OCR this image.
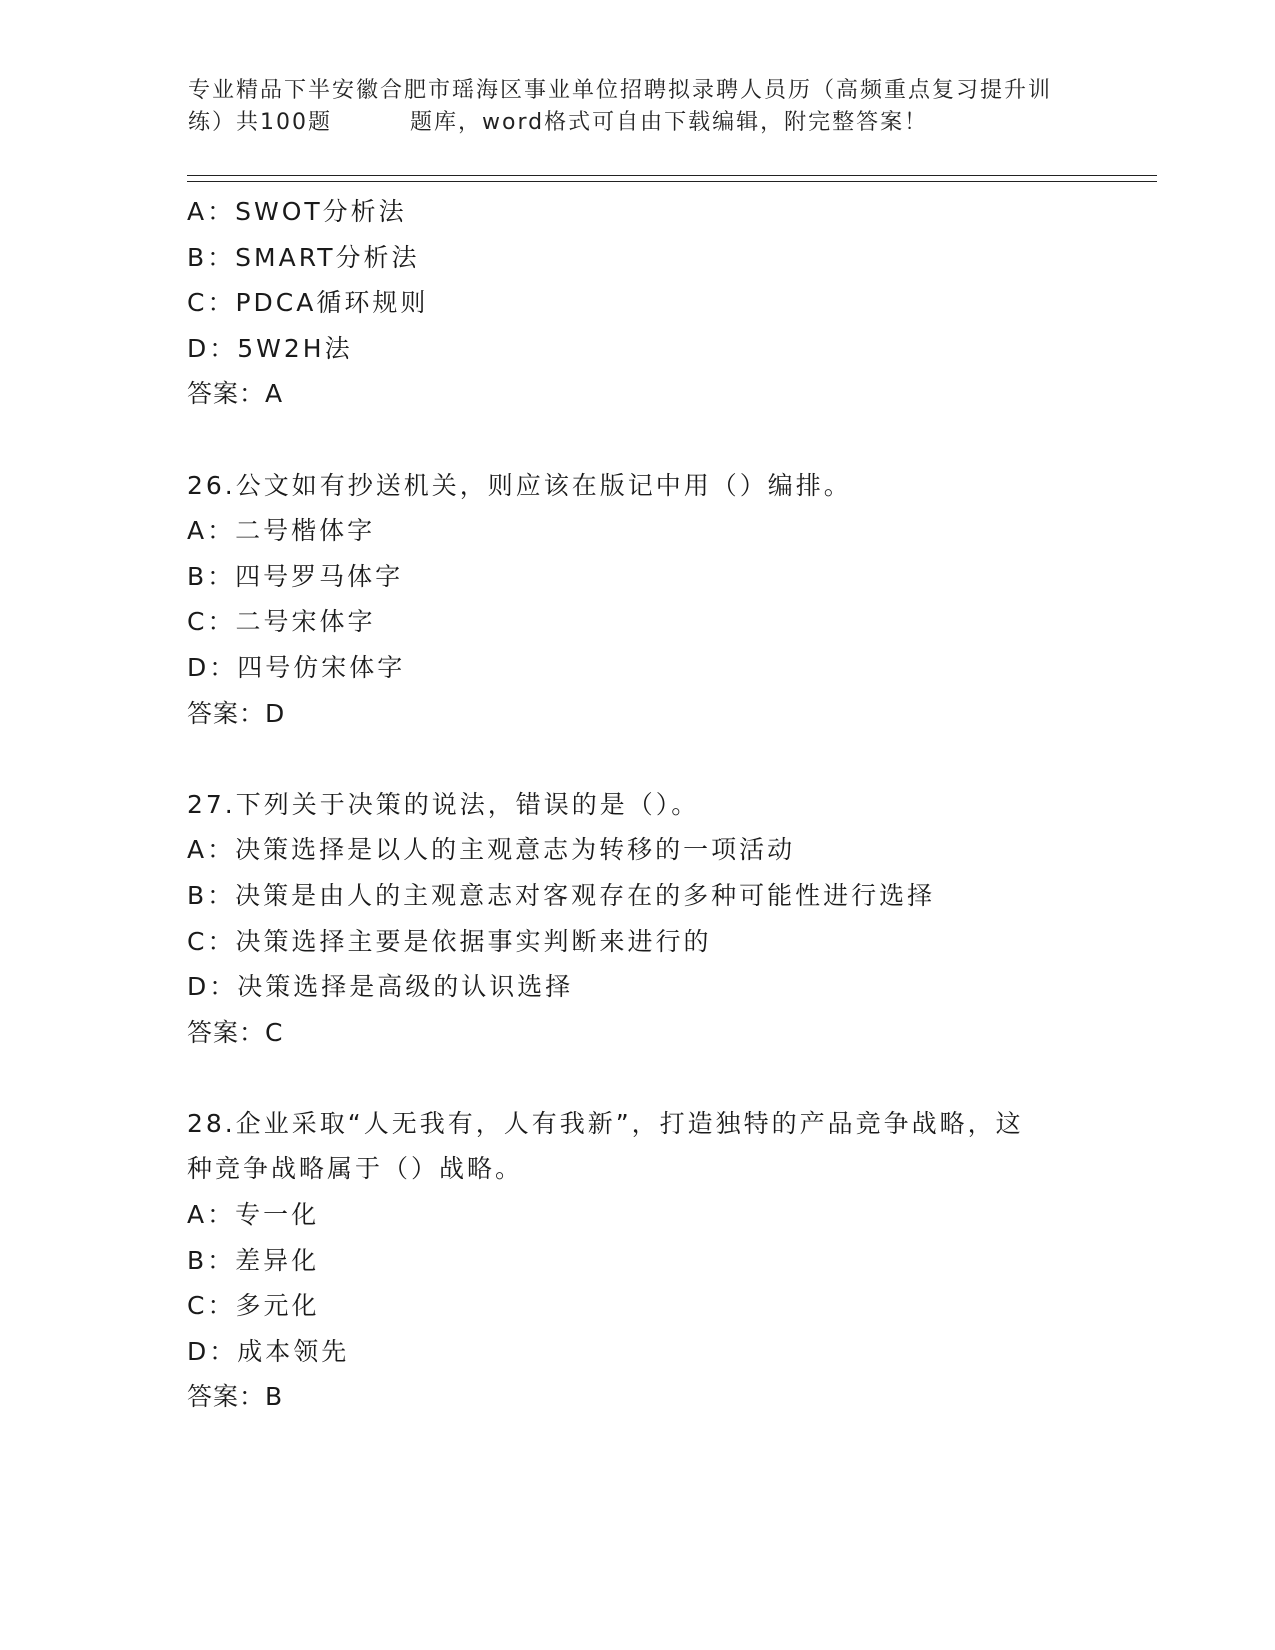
专业精品下半安徽合肥市瑶海区事业单位招聘拟录聘人员历（高频重点复习提升训
练）共100题	题库，word格式可自由下载编辑，附完整答案！
A：SWOT分析法
B：SMART分析法
C：PDCA循环规则
D：5W2H法
答案：A
26.公文如有抄送机关，则应该在版记中用（）编排。
A：二号楷体字
B：四号罗马体字
C：二号宋体字
D：四号仿宋体字
答案：D
27.下列关于决策的说法，错误的是（）。
A：决策选择是以人的主观意志为转移的一项活动
B：决策是由人的主观意志对客观存在的多种可能性进行选择
C：决策选择主要是依据事实判断来进行的
D：决策选择是高级的认识选择
答案：C
28.企业采取“人无我有，人有我新”，打造独特的产品竞争战略，这
种竞争战略属于（）战略。
A：专一化
B：差异化
C：多元化
D：成本领先
答案：B
